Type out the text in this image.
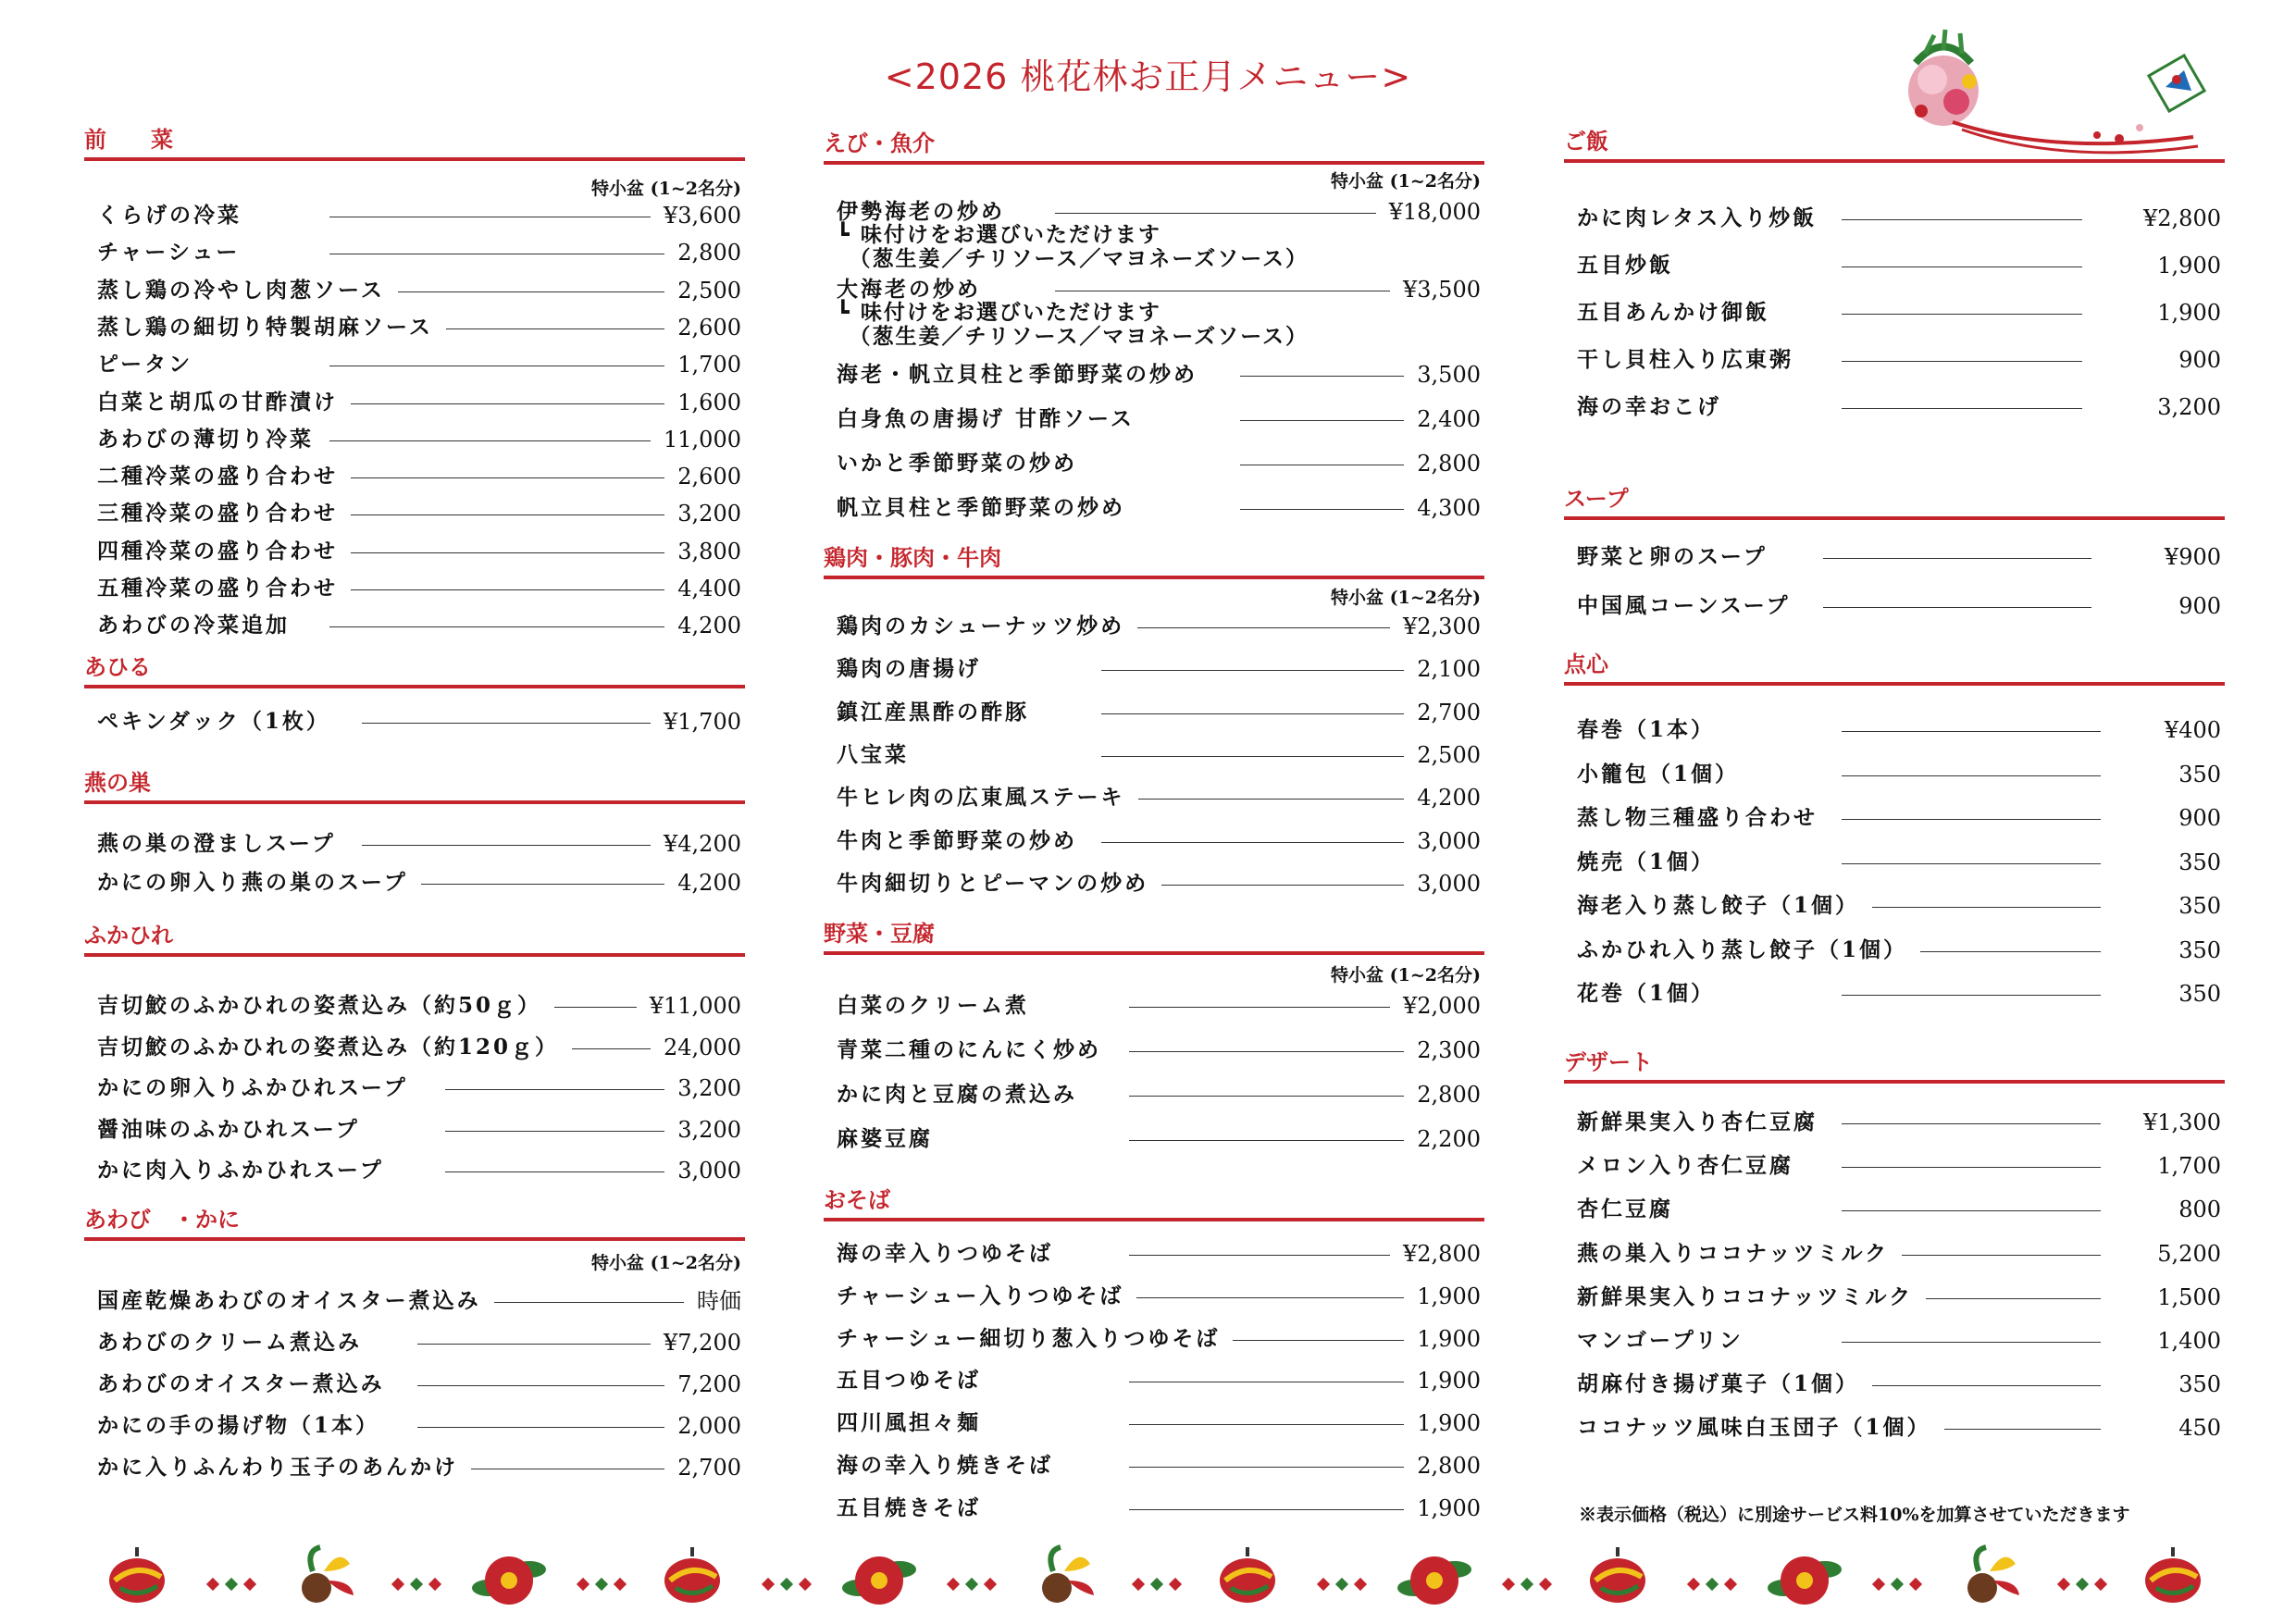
<2026 桃花林お正月メニュー>
前　　菜
特小盆 (1~2名分)
あひる
燕の巣
ふかひれ
あわび　・かに
特小盆 (1~2名分)
くらげの冷菜	¥3,600
チャーシュー	2,800
蒸し鶏の冷やし肉葱ソース	2,500
蒸し鶏の細切り特製胡麻ソース	2,600
ピータン	1,700
白菜と胡瓜の甘酢漬け	1,600
あわびの薄切り冷菜	11,000
二種冷菜の盛り合わせ	2,600
三種冷菜の盛り合わせ	3,200
四種冷菜の盛り合わせ	3,800
五種冷菜の盛り合わせ	4,400
あわびの冷菜追加	4,200
ペキンダック（1枚）	¥1,700
燕の巣の澄ましスープ	¥4,200
かにの卵入り燕の巣のスープ	4,200
吉切鮫のふかひれの姿煮込み（約50ｇ）	¥11,000
吉切鮫のふかひれの姿煮込み（約120ｇ）	24,000
かにの卵入りふかひれスープ	3,200
醤油味のふかひれスープ	3,200
かに肉入りふかひれスープ	3,000
国産乾燥あわびのオイスター煮込み	時価
あわびのクリーム煮込み	¥7,200
あわびのオイスター煮込み	7,200
かにの手の揚げ物（1本）	2,000
かに入りふんわり玉子のあんかけ	2,700
えび・魚介
特小盆 (1~2名分)
鶏肉・豚肉・牛肉
特小盆 (1~2名分)
野菜・豆腐
特小盆 (1~2名分)
おそば
伊勢海老の炒め	¥18,000
┗ 味付けをお選びいただけます
　（葱生姜／チリソース／マヨネーズソース）
大海老の炒め	¥3,500
┗ 味付けをお選びいただけます
　（葱生姜／チリソース／マヨネーズソース）
海老・帆立貝柱と季節野菜の炒め	3,500
白身魚の唐揚げ 甘酢ソース	2,400
いかと季節野菜の炒め	2,800
帆立貝柱と季節野菜の炒め	4,300
鶏肉のカシューナッツ炒め	¥2,300
鶏肉の唐揚げ	2,100
鎮江産黒酢の酢豚	2,700
八宝菜	2,500
牛ヒレ肉の広東風ステーキ	4,200
牛肉と季節野菜の炒め	3,000
牛肉細切りとピーマンの炒め	3,000
白菜のクリーム煮	¥2,000
青菜二種のにんにく炒め	2,300
かに肉と豆腐の煮込み	2,800
麻婆豆腐	2,200
海の幸入りつゆそば	¥2,800
チャーシュー入りつゆそば	1,900
チャーシュー細切り葱入りつゆそば	1,900
五目つゆそば	1,900
四川風担々麺	1,900
海の幸入り焼きそば	2,800
五目焼きそば	1,900
ご飯
スープ
点心
デザート
かに肉レタス入り炒飯	¥2,800
五目炒飯	1,900
五目あんかけ御飯	1,900
干し貝柱入り広東粥	900
海の幸おこげ	3,200
野菜と卵のスープ	¥900
中国風コーンスープ	900
春巻（1本）	¥400
小籠包（1個）	350
蒸し物三種盛り合わせ	900
焼売（1個）	350
海老入り蒸し餃子（1個）	350
ふかひれ入り蒸し餃子（1個）	350
花巻（1個）	350
新鮮果実入り杏仁豆腐	¥1,300
メロン入り杏仁豆腐	1,700
杏仁豆腐	800
燕の巣入りココナッツミルク	5,200
新鮮果実入りココナッツミルク	1,500
マンゴープリン	1,400
胡麻付き揚げ菓子（1個）	350
ココナッツ風味白玉団子（1個）	450
※表示価格（税込）に別途サービス料10%を加算させていただきます
